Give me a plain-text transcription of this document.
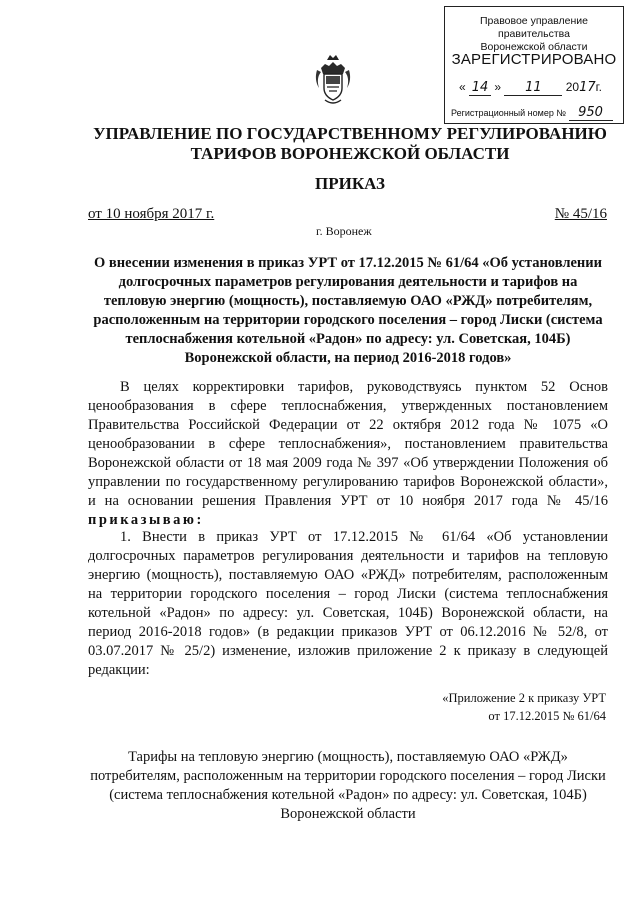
Правовое управление правительства
Воронежской области
ЗАРЕГИСТРИРОВАНО
« 14 » 11 2017г.
Регистрационный номер № 950
УПРАВЛЕНИЕ ПО ГОСУДАРСТВЕННОМУ РЕГУЛИРОВАНИЮ
ТАРИФОВ ВОРОНЕЖСКОЙ ОБЛАСТИ
ПРИКАЗ
от 10 ноября 2017 г.	№ 45/16
г. Воронеж
О внесении изменения в приказ УРТ от 17.12.2015 № 61/64 «Об установлении долгосрочных параметров регулирования деятельности и тарифов на тепловую энергию (мощность), поставляемую ОАО «РЖД» потребителям, расположенным на территории городского поселения – город Лиски (система теплоснабжения котельной «Радон» по адресу: ул. Советская, 104Б) Воронежской области, на период 2016-2018 годов»
В целях корректировки тарифов, руководствуясь пунктом 52 Основ ценообразования в сфере теплоснабжения, утвержденных постановлением Правительства Российской Федерации от 22 октября 2012 года № 1075 «О ценообразовании в сфере теплоснабжения», постановлением правительства Воронежской области от 18 мая 2009 года № 397 «Об утверждении Положения об управлении по государственному регулированию тарифов Воронежской области», и на основании решения Правления УРТ от 10 ноября 2017 года № 45/16 приказываю:
1. Внести в приказ УРТ от 17.12.2015 № 61/64 «Об установлении долгосрочных параметров регулирования деятельности и тарифов на тепловую энергию (мощность), поставляемую ОАО «РЖД» потребителям, расположенным на территории городского поселения – город Лиски (система теплоснабжения котельной «Радон» по адресу: ул. Советская, 104Б) Воронежской области, на период 2016-2018 годов» (в редакции приказов УРТ от 06.12.2016 № 52/8, от 03.07.2017 № 25/2) изменение, изложив приложение 2 к приказу в следующей редакции:
«Приложение 2 к приказу УРТ
от 17.12.2015 № 61/64
Тарифы на тепловую энергию (мощность), поставляемую ОАО «РЖД» потребителям, расположенным на территории городского поселения – город Лиски (система теплоснабжения котельной «Радон» по адресу: ул. Советская, 104Б) Воронежской области
